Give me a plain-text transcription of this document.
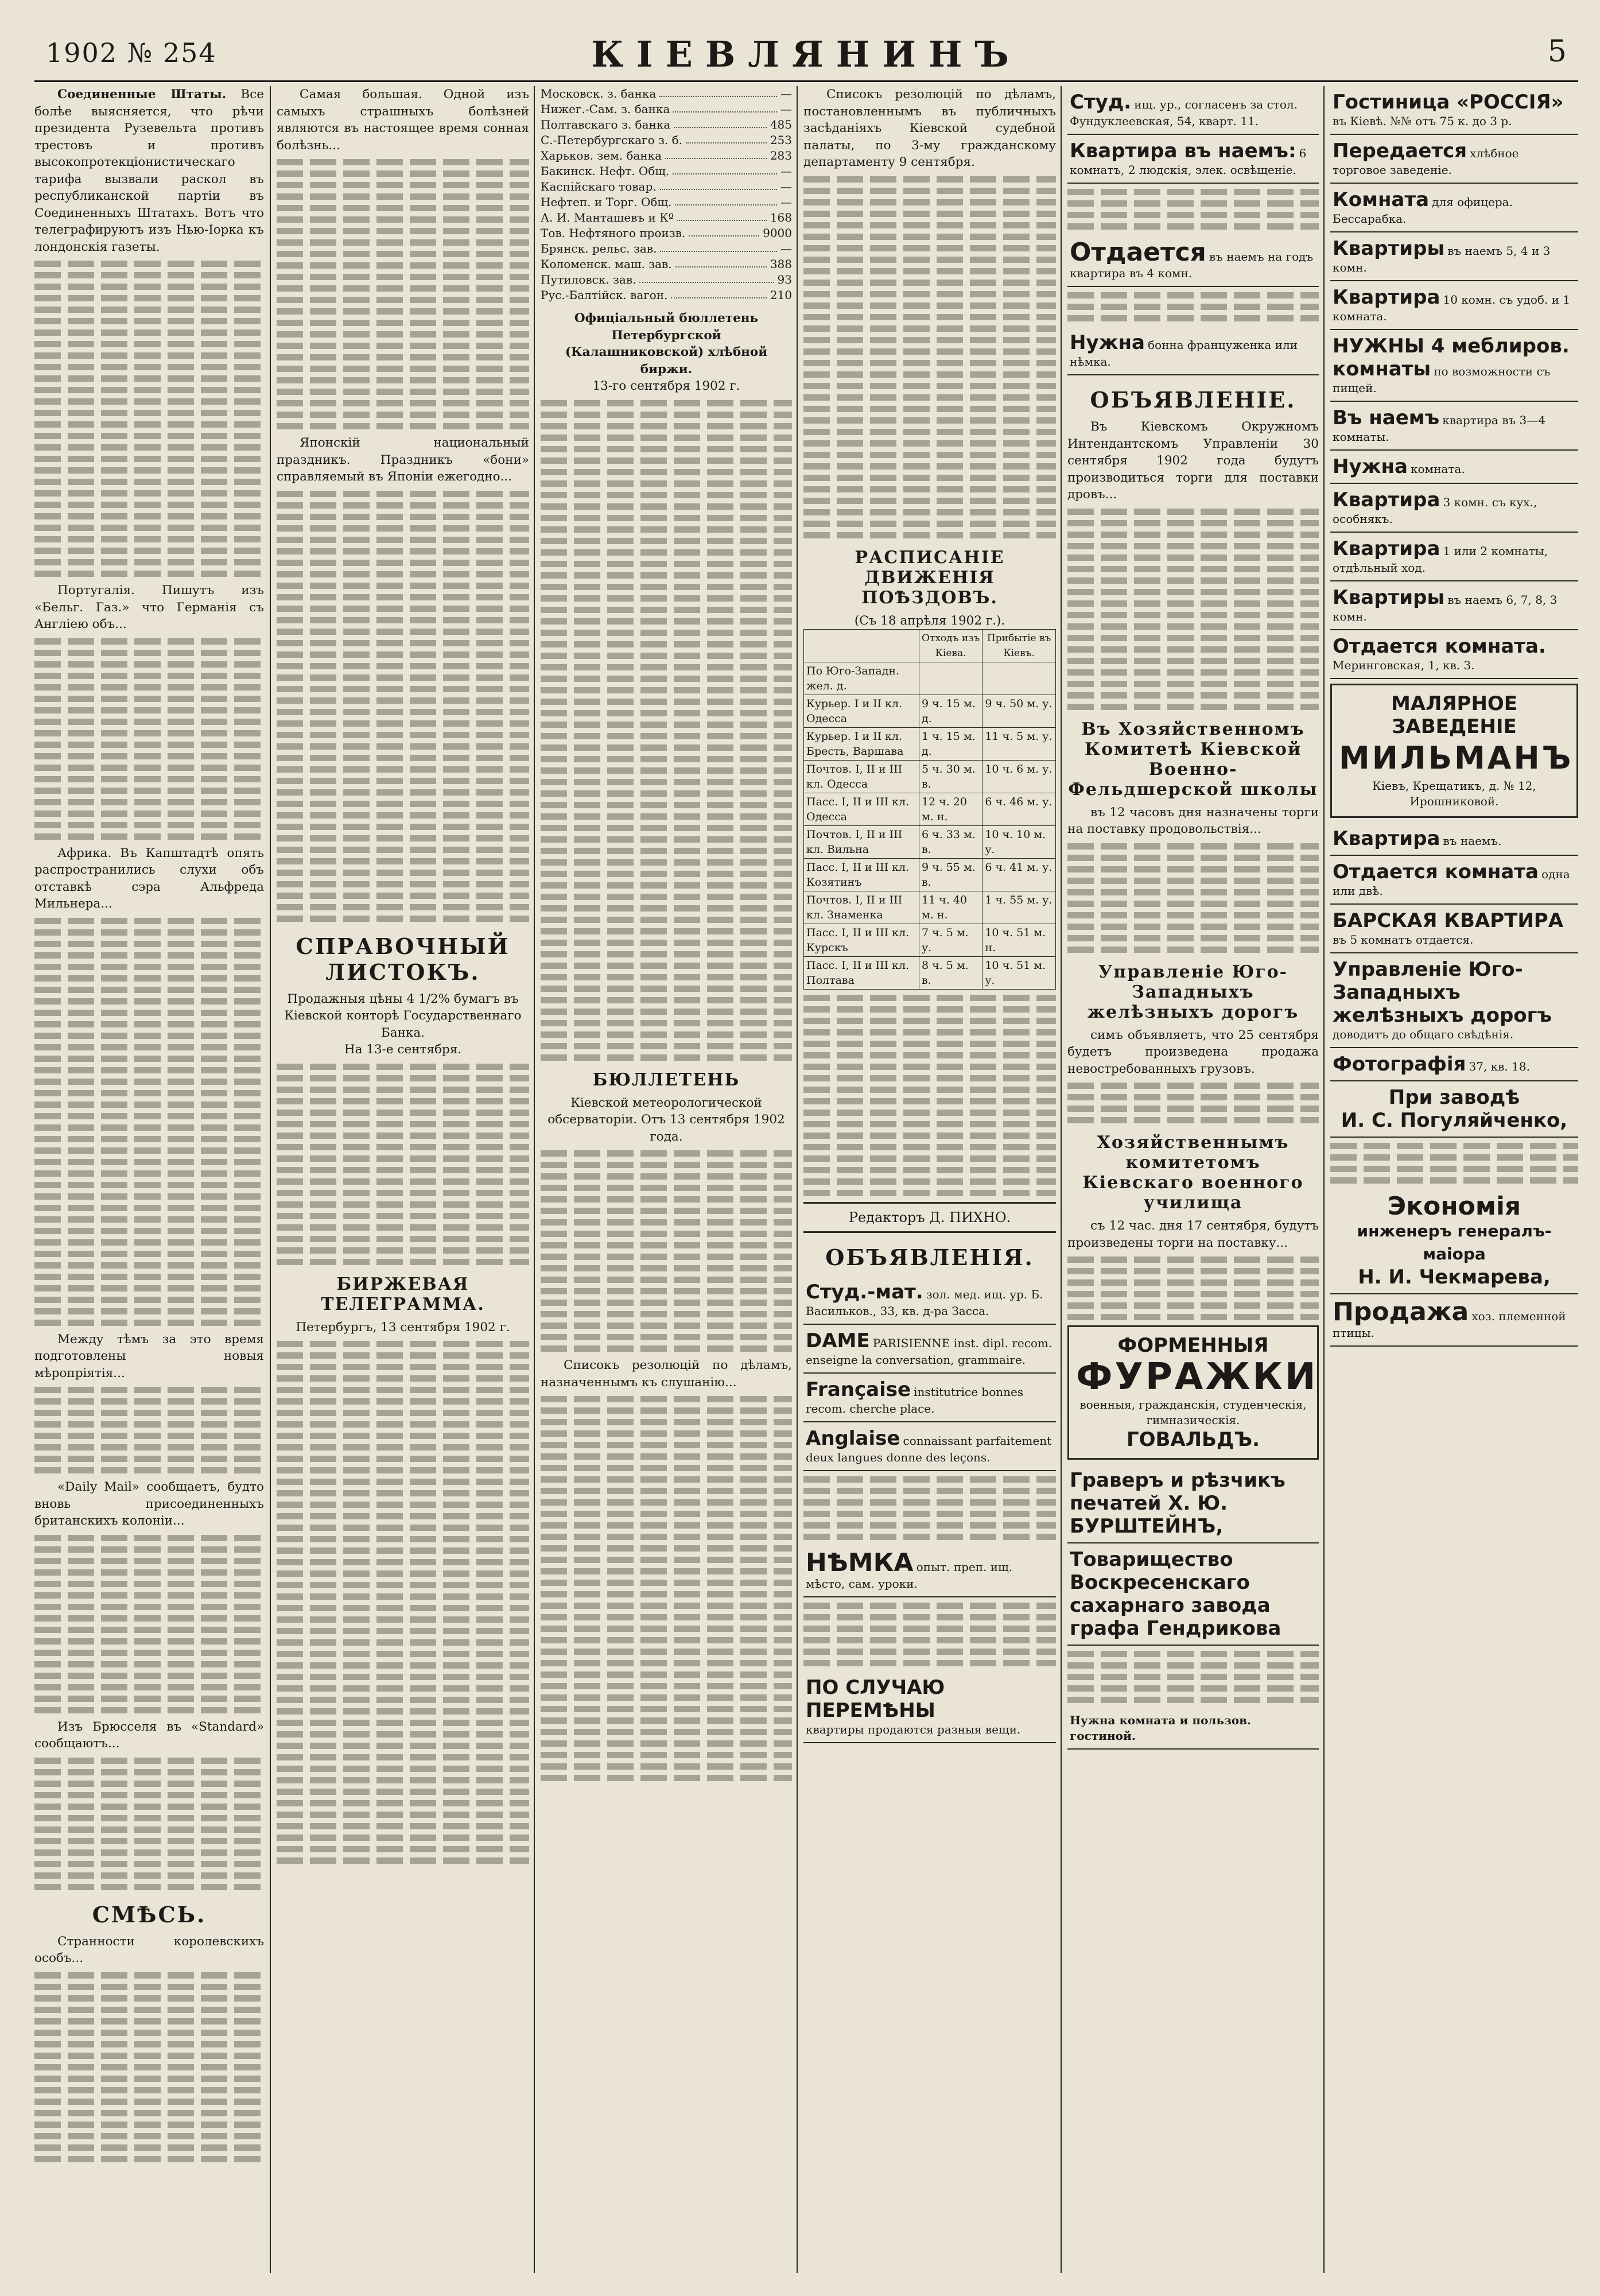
1902 № 254	КІЕВЛЯНИНЪ	5

Соединенные Штаты. Все болѣе выясняется, что рѣчи президента Рузевельта противъ трестовъ и противъ высокопротекціонистическаго тарифа вызвали раскол въ республиканской партіи въ Соединенныхъ Штатахъ. Вотъ что телеграфируютъ изъ Нью-Іорка къ лондонскія газеты.

Португалія. Пишутъ изъ «Бельг. Газ.» что Германія съ Англіею объ...

Африка. Въ Капштадтѣ опять распространились слухи объ отставкѣ сэра Альфреда Мильнера...

Между тѣмъ за это время подготовлены новыя мѣропріятія...

«Daily Mail» сообщаетъ, будто вновь присоединенныхъ британскихъ колоніи...

Изъ Брюсселя въ «Standard» сообщаютъ...

СМѢСЬ.

Странности королевскихъ особъ...

Самая большая. Одной изъ самыхъ страшныхъ болѣзней являются въ настоящее время сонная болѣзнь...

Японскій национальный праздникъ. Праздникъ «бони» справляемый въ Японіи ежегодно...

СПРАВОЧНЫЙ ЛИСТОКЪ.
Продажныя цѣны 4 1/2% бумагъ въ Кіевской конторѣ Государственнаго Банка.
На 13-е сентября.
БИРЖЕВАЯ ТЕЛЕГРАММА.
Петербургъ, 13 сентября 1902 г.
Московск. з. банка	—
Нижег.-Сам. з. банка	—
Полтавскаго з. банка	485
С.-Петербургскаго з. б.	253
Харьков. зем. банка	283
Бакинск. Нефт. Общ.	—
Каспійскаго товар.	—
Нефтеп. и Торг. Общ.	—
А. И. Манташевъ и Кº	168
Тов. Нефтяного произв.	9000
Брянск. рельс. зав.	—
Коломенск. маш. зав.	388
Путиловск. зав.	93
Рус.-Балтійск. вагон.	210
Офиціальный бюллетень Петербургской (Калашниковской) хлѣбной биржи.
13-го сентября 1902 г.
БЮЛЛЕТЕНЬ
Кіевской метеорологической обсерваторіи. Отъ 13 сентября 1902 года.

Списокъ резолюцій по дѣламъ, назначеннымъ къ слушанію...

Списокъ резолюцій по дѣламъ, постановленнымъ въ публичныхъ засѣданіяхъ Кіевской судебной палаты, по 3-му гражданскому департаменту 9 сентября.

РАСПИСАНІЕ ДВИЖЕНІЯ ПОѢЗДОВЪ.
(Съ 18 апрѣля 1902 г.).
	Отходъ изъ Кіева.	Прибытіе въ Кіевъ.
По Юго-Западн. жел. д.		
Курьер. I и II кл. Одесса	9 ч. 15 м. д.	9 ч. 50 м. у.
Курьер. I и II кл. Бресть, Варшава	1 ч. 15 м. д.	11 ч. 5 м. у.
Почтов. I, II и III кл. Одесса	5 ч. 30 м. в.	10 ч. 6 м. у.
Пасс. I, II и III кл. Одесса	12 ч. 20 м. н.	6 ч. 46 м. у.
Почтов. I, II и III кл. Вильна	6 ч. 33 м. в.	10 ч. 10 м. у.
Пасс. I, II и III кл. Козятинъ	9 ч. 55 м. в.	6 ч. 41 м. у.
Почтов. I, II и III кл. Знаменка	11 ч. 40 м. н.	1 ч. 55 м. у.
Пасс. I, II и III кл. Курскъ	7 ч. 5 м. у.	10 ч. 51 м. н.
Пасс. I, II и III кл. Полтава	8 ч. 5 м. в.	10 ч. 51 м. у.
Редакторъ Д. ПИХНО.
ОБЪЯВЛЕНІЯ.
Студ.-мат. зол. мед. ищ. ур. Б. Васильков., 33, кв. д-ра Засса.
DAME PARISIENNE inst. dipl. recom. enseigne la conversation, grammaire.
Française institutrice bonnes recom. cherche place.
Anglaise connaissant parfaitement deux langues donne des leçons.
НѢМКА опыт. преп. ищ. мѣсто, сам. уроки.
ПО СЛУЧАЮ ПЕРЕМѢНЫ
квартиры продаются разныя вещи.
Студ. ищ. ур., согласенъ за стол. Фундуклеевская, 54, кварт. 11.
Квартира въ наемъ: 6 комнатъ, 2 людскія, элек. освѣщеніе.
Отдается въ наемъ на годъ квартира въ 4 комн.
Нужна бонна француженка или нѣмка.
ОБЪЯВЛЕНІЕ.

Въ Кіевскомъ Окружномъ Интендантскомъ Управленіи 30 сентября 1902 года будутъ производиться торги для поставки дровъ...

Въ Хозяйственномъ Комитетѣ Кіевской Военно-Фельдшерской школы

въ 12 часовъ дня назначены торги на поставку продовольствія...

Управленіе Юго-Западныхъ желѣзныхъ дорогъ

симъ объявляетъ, что 25 сентября будетъ произведена продажа невостребованныхъ грузовъ.

Хозяйственнымъ комитетомъ Кіевскаго военного училища

съ 12 час. дня 17 сентября, будутъ произведены торги на поставку...

ФОРМЕННЫЯ
ФУРАЖКИ
военныя, гражданскія, студенческія, гимназическія.
ГОВАЛЬДЪ.
Граверъ и рѣзчикъ печатей Х. Ю. БУРШТЕЙНЪ,
Товарищество Воскресенскаго сахарнаго завода графа Гендрикова
Нужна комната и пользов. гостиной.
Гостиница «РОССІЯ» въ Кіевѣ. №№ отъ 75 к. до 3 р.
Передается хлѣбное торговое заведеніе.
Комната для офицера. Бессарабка.
Квартиры въ наемъ 5, 4 и 3 комн.
Квартира 10 комн. съ удоб. и 1 комната.
НУЖНЫ 4 меблиров. комнаты по возможности съ пищей.
Въ наемъ квартира въ 3—4 комнаты.
Нужна комната.
Квартира 3 комн. съ кух., особнякъ.
Квартира 1 или 2 комнаты, отдѣльный ход.
Квартиры въ наемъ 6, 7, 8, 3 комн.
Отдается комната. Меринговская, 1, кв. 3.
МАЛЯРНОЕ ЗАВЕДЕНІЕ
МИЛЬМАНЪ
Кіевъ, Крещатикъ, д. № 12, Ирошниковой.
Квартира въ наемъ.
Отдается комната одна или двѣ.
БАРСКАЯ КВАРТИРА въ 5 комнатъ отдается.
Управленіе Юго-Западныхъ желѣзныхъ дорогъ доводитъ до общаго свѣдѣнія.
Фотографія 37, кв. 18.
При заводѣ
И. С. Погуляйченко,
Экономія
инженеръ генералъ-маіора
Н. И. Чекмарева,
Продажа хоз. племенной птицы.
